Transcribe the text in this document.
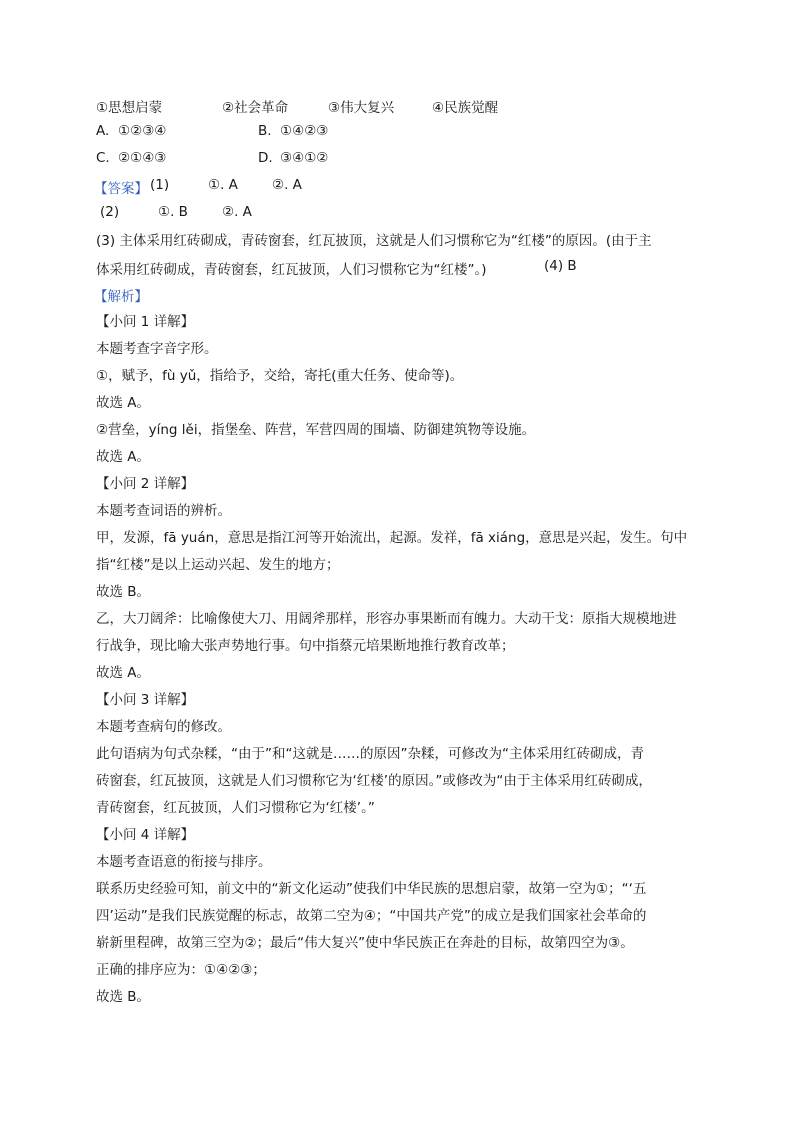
①思想启蒙	②社会革命	③伟大复兴	④民族觉醒
A. ①②③④	B. ①④②③
C. ②①④③	D. ③④①②
【答案】 (1)	①. A	②. A
(2)	①. B	②. A
(3) 主体采用红砖砌成，青砖窗套，红瓦披顶，这就是人们习惯称它为“红楼”的原因。(由于主
体采用红砖砌成，青砖窗套，红瓦披顶，人们习惯称它为“红楼”。)	(4) B
【解析】
【小问 1 详解】
本题考查字音字形。
①，赋予，fù yǔ，指给予，交给，寄托(重大任务、使命等)。
故选 A。
②营垒，yíng lěi，指堡垒、阵营，军营四周的围墙、防御建筑物等设施。
故选 A。
【小问 2 详解】
本题考查词语的辨析。
甲，发源，fā yuán，意思是指江河等开始流出，起源。发祥，fā xiáng，意思是兴起，发生。句中
指“红楼”是以上运动兴起、发生的地方；
故选 B。
乙，大刀阔斧：比喻像使大刀、用阔斧那样，形容办事果断而有魄力。大动干戈：原指大规模地进
行战争，现比喻大张声势地行事。句中指蔡元培果断地推行教育改革；
故选 A。
【小问 3 详解】
本题考查病句的修改。
此句语病为句式杂糅，“由于”和“这就是……的原因”杂糅，可修改为“主体采用红砖砌成，青
砖窗套，红瓦披顶，这就是人们习惯称它为‘红楼’的原因。”或修改为“由于主体采用红砖砌成，
青砖窗套，红瓦披顶，人们习惯称它为‘红楼’。”
【小问 4 详解】
本题考查语意的衔接与排序。
联系历史经验可知，前文中的“新文化运动”使我们中华民族的思想启蒙，故第一空为①；“‘五
四’运动”是我们民族觉醒的标志，故第二空为④；“中国共产党”的成立是我们国家社会革命的
崭新里程碑，故第三空为②；最后“伟大复兴”使中华民族正在奔赴的目标，故第四空为③。
正确的排序应为：①④②③；
故选 B。
